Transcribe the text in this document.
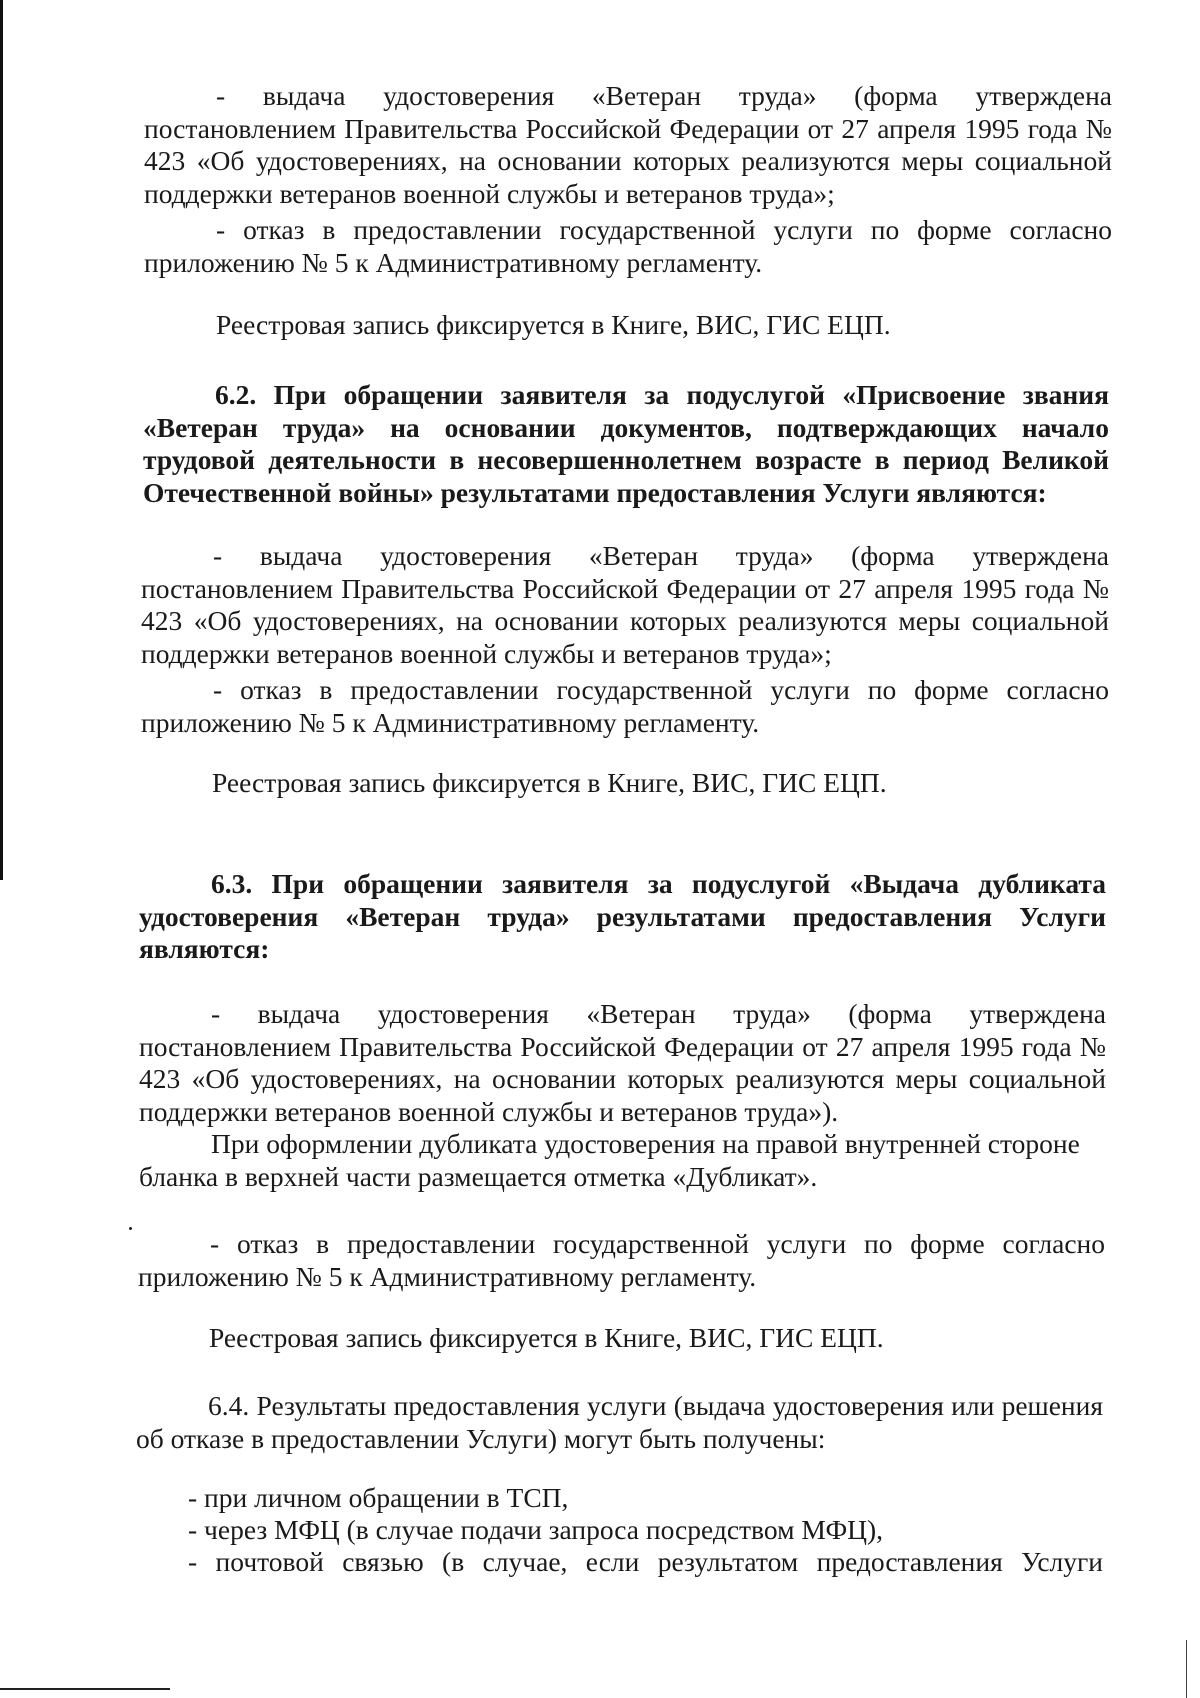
- выдача удостоверения «Ветеран труда» (форма утверждена постановлением Правительства Российской Федерации от 27 апреля 1995 года № 423 «Об удостоверениях, на основании которых реализуются меры социальной поддержки ветеранов военной службы и ветеранов труда»;

- отказ в предоставлении государственной услуги по форме согласно приложению № 5 к Административному регламенту.

Реестровая запись фиксируется в Книге, ВИС, ГИС ЕЦП.

6.2. При обращении заявителя за подуслугой «Присвоение звания «Ветеран труда» на основании документов, подтверждающих начало трудовой деятельности в несовершеннолетнем возрасте в период Великой Отечественной войны» результатами предоставления Услуги являются:

- выдача удостоверения «Ветеран труда» (форма утверждена постановлением Правительства Российской Федерации от 27 апреля 1995 года № 423 «Об удостоверениях, на основании которых реализуются меры социальной поддержки ветеранов военной службы и ветеранов труда»;

- отказ в предоставлении государственной услуги по форме согласно приложению № 5 к Административному регламенту.

Реестровая запись фиксируется в Книге, ВИС, ГИС ЕЦП.

6.3. При обращении заявителя за подуслугой «Выдача дубликата удостоверения «Ветеран труда» результатами предоставления Услуги являются:

- выдача удостоверения «Ветеран труда» (форма утверждена постановлением Правительства Российской Федерации от 27 апреля 1995 года № 423 «Об удостоверениях, на основании которых реализуются меры социальной поддержки ветеранов военной службы и ветеранов труда»).

При оформлении дубликата удостоверения на правой внутренней стороне бланка в верхней части размещается отметка «Дубликат».

- отказ в предоставлении государственной услуги по форме согласно приложению № 5 к Административному регламенту.

Реестровая запись фиксируется в Книге, ВИС, ГИС ЕЦП.

6.4. Результаты предоставления услуги (выдача удостоверения или решения об отказе в предоставлении Услуги) могут быть получены:

- при личном обращении в ТСП,

- через МФЦ (в случае подачи запроса посредством МФЦ),

- почтовой связью (в случае, если результатом предоставления Услуги
